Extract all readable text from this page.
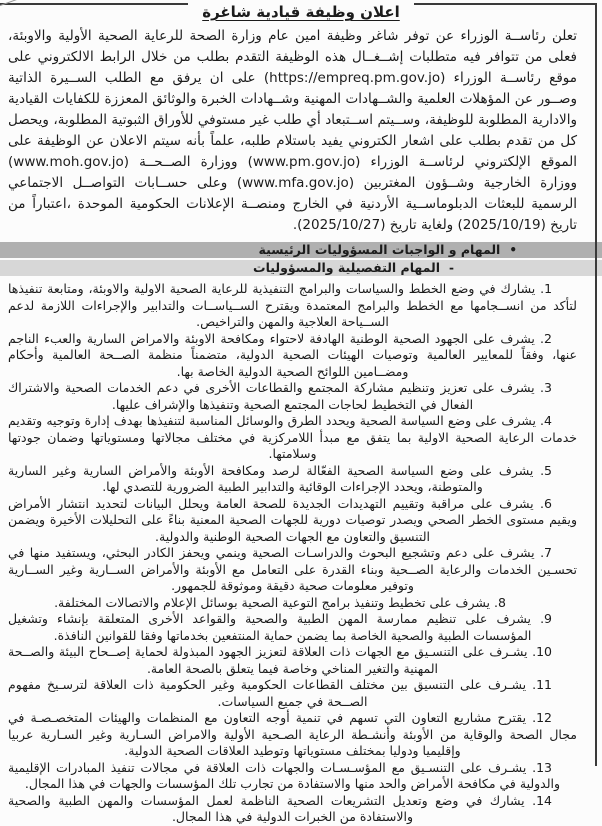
اعلان وظيفة قيادية شاغرة

تعلن رئاســة الوزراء عن توفر شاغر وظيفة امين عام وزارة الصحة للرعاية الصحية الأولية والاوبئة، فعلى من تتوافر فيه متطلبات إشــغــال هذه الوظيفة التقدم بطلب من خلال الرابط الالكتروني على موقع رئاســة الوزراء (https://empreq.pm.gov.jo) على ان يرفق مع الطلب الســيرة الذاتية وصــور عن المؤهلات العلمية والشــهادات المهنية وشــهادات الخبرة والوثائق المعززة للكفايات القيادية والادارية المطلوبة للوظيفة، وســيتم اســتبعاد أي طلب غير مستوفي للأوراق الثبوتية المطلوبة، ويحصل كل من تقدم بطلب على اشعار الكتروني يفيد باستلام طلبه، علماً بأنه سيتم الاعلان عن الوظيفة على الموقع الإلكتروني لرئاســة الوزراء (www.pm.gov.jo) ووزارة الصــحــة (www.moh.gov.jo) ووزارة الخارجية وشــؤون المغتربين (www.mfa.gov.jo) وعلى حســابات التواصــل الاجتماعي الرسمية للبعثات الدبلوماســية الأردنية في الخارج ومنصــة الإعلانات الحكومية الموحدة ،اعتباراً من تاريخ (2025/10/19) ولغاية تاريخ (2025/10/27).

•
المهام و الواجبات المسؤوليات الرئيسية
-
المهام التفصيلية والمسؤوليات
1. يشارك في وضع الخطط والسياسات والبرامج التنفيذية للرعاية الصحية الاولية والاوبئة، ومتابعة تنفيذها لتأكد من انســجامها مع الخطط والبرامج المعتمدة ويقترح الســياســات والتدابير والإجراءات اللازمة لدعم الســياحة العلاجية والمهن والتراخيص.
2. يشرف على الجهود الصحية الوطنية الهادفة لاحتواء ومكافحة الاوبئة والامراض السارية والعبء الناجم عنها، وفقاً للمعايير العالمية وتوصيات الهيئات الصحية الدولية، متضمناً منظمة الصــحة العالمية وأحكام ومضــامين اللوائح الصحية الدولية الخاصة بها.
3. يشرف على تعزيز وتنظيم مشاركة المجتمع والقطاعات الأخرى في دعم الخدمات الصحية والاشتراك الفعال في التخطيط لحاجات المجتمع الصحية وتنفيذها والإشراف عليها.
4. يشرف على وضع السياسة الصحية ويحدد الطرق والوسائل المناسبة لتنفيذها بهدف إدارة وتوجيه وتقديم خدمات الرعاية الصحية الاولية بما يتفق مع مبدأ اللامركزية في مختلف مجالاتها ومستوياتها وضمان جودتها وسلامتها.
5. يشرف على وضع السياسة الصحية الفعّالة لرصد ومكافحة الأوبئة والأمراض السارية وغير السارية والمتوطنة، ويحدد الإجراءات الوقائية والتدابير الطبية الضرورية للتصدي لها.
6. يشرف على مراقبة وتقييم التهديدات الجديدة للصحة العامة ويحلل البيانات لتحديد انتشار الأمراض ويقيم مستوى الخطر الصحي ويصدر توصيات دورية للجهات الصحية المعنية بناءً على التحليلات الأخيرة ويضمن التنسيق والتعاون مع الجهات الصحية الوطنية والدولية.
7. يشرف على دعم وتشجيع البحوث والدراسـات الصحية وينمي ويحفز الكادر البحثي، ويستفيد منها في تحسـين الخدمات والرعاية الصــحية وبناء القدرة على التعامل مع الأوبئة والأمراض الســارية وغير الســارية وتوفير معلومات صحية دقيقة وموثوقة للجمهور.
8. يشرف على تخطيط وتنفيذ برامج التوعية الصحية بوسائل الإعلام والاتصالات المختلفة.
9. يشرف على تنظيم ممارسة المهن الطبية والصحية والقواعد الأخرى المتعلقة بإنشاء وتشغيل المؤسسات الطبية والصحية الخاصة بما يضمن حماية المنتفعين بخدماتها وفقا للقوانين النافذة.
10. يشـرف على التنسـيق مع الجهات ذات العلاقة لتعزيز الجهود المبذولة لحماية إصــحاح البيئة والصــحة المهنية والتغير المناخي وخاصة فيما يتعلق بالصحة العامة.
11. يشـرف على التنسيق بين مختلف القطاعات الحكومية وغير الحكومية ذات العلاقة لترسـيخ مفهوم الصــحة في جميع السياسات.
12. يقترح مشاريع التعاون التي تسهم في تنمية أوجه التعاون مع المنظمات والهيئات المتخصـصـة في مجال الصحة والوقاية من الأوبئة وأنشـطة الرعاية الصـحية الأولية والامراض السـارية وغير السـارية عربيا وإقليميا ودوليا بمختلف مستوياتها وتوطيد العلاقات الصحية الدولية.
13. يشـرف على التنسـيق مع المؤسـسـات والجهات ذات العلاقة في مجالات تنفيذ المبادرات الإقليمية والدولية في مكافحة الأمراض والحد منها والاستفادة من تجارب تلك المؤسسات والجهات في هذا المجال.
14. يشارك في وضع وتعديل التشريعات الصحية الناظمة لعمل المؤسسات والمهن الطبية والصحية والاستفادة من الخبرات الدولية في هذا المجال.
